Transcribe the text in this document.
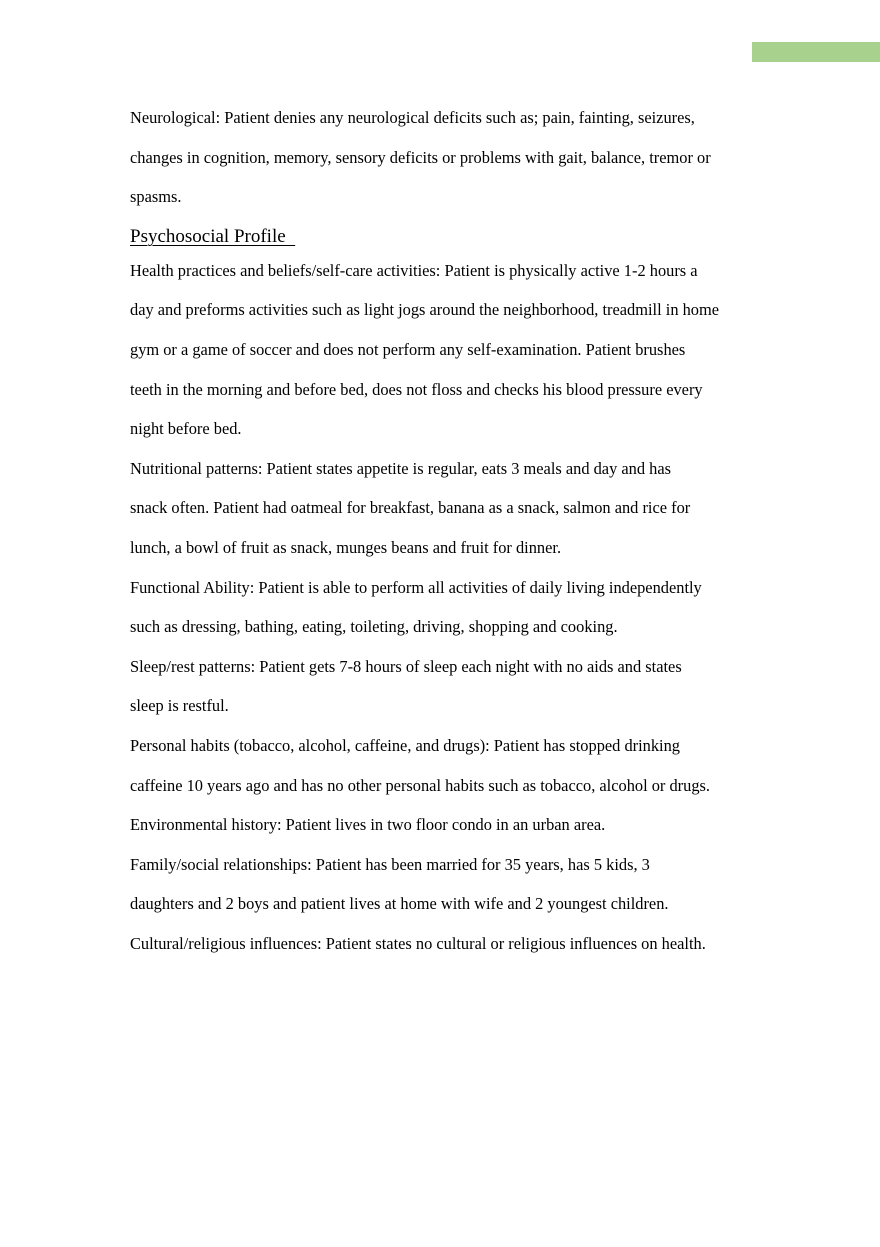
Neurological: Patient denies any neurological deficits such as; pain, fainting, seizures,
changes in cognition, memory, sensory deficits or problems with gait, balance, tremor or
spasms.

Psychosocial Profile

Health practices and beliefs/self-care activities: Patient is physically active 1-2 hours a
day and preforms activities such as light jogs around the neighborhood, treadmill in home
gym or a game of soccer and does not perform any self-examination. Patient brushes
teeth in the morning and before bed, does not floss and checks his blood pressure every
night before bed.

Nutritional patterns: Patient states appetite is regular, eats 3 meals and day and has
snack often. Patient had oatmeal for breakfast, banana as a snack, salmon and rice for
lunch, a bowl of fruit as snack, munges beans and fruit for dinner.

Functional Ability: Patient is able to perform all activities of daily living independently
such as dressing, bathing, eating, toileting, driving, shopping and cooking.

Sleep/rest patterns: Patient gets 7-8 hours of sleep each night with no aids and states
sleep is restful.

Personal habits (tobacco, alcohol, caffeine, and drugs): Patient has stopped drinking
caffeine 10 years ago and has no other personal habits such as tobacco, alcohol or drugs.

Environmental history: Patient lives in two floor condo in an urban area.

Family/social relationships: Patient has been married for 35 years, has 5 kids, 3
daughters and 2 boys and patient lives at home with wife and 2 youngest children.

Cultural/religious influences: Patient states no cultural or religious influences on health.
